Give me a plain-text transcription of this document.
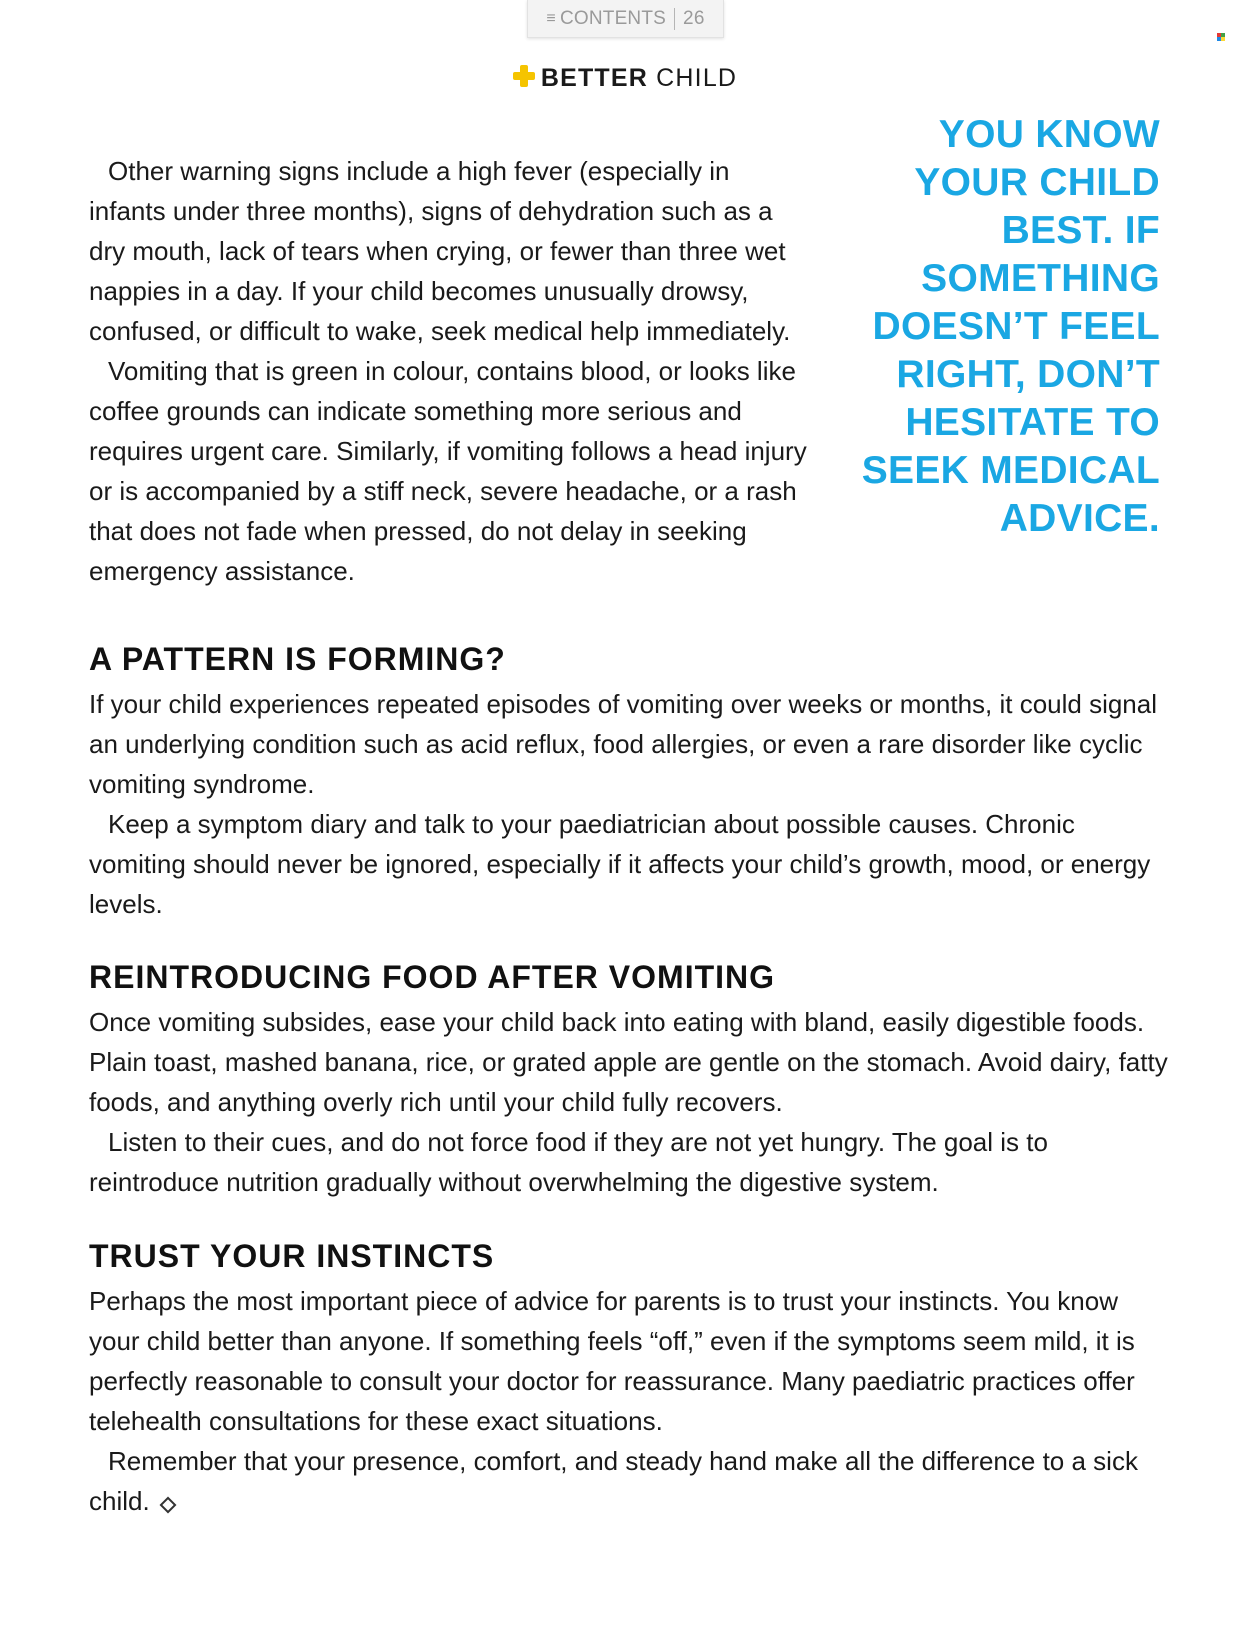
≡ CONTENTS 26
BETTER CHILD

Other warning signs include a high fever (especially in infants under three months), signs of dehydration such as a dry mouth, lack of tears when crying, or fewer than three wet nappies in a day. If your child becomes unusually drowsy, confused, or difficult to wake, seek medical help immediately.

Vomiting that is green in colour, contains blood, or looks like coffee grounds can indicate something more serious and requires urgent care. Similarly, if vomiting follows a head injury or is accompanied by a stiff neck, severe headache, or a rash that does not fade when pressed, do not delay in seeking emergency assistance.

YOU KNOW YOUR CHILD BEST. IF SOMETHING DOESN’T FEEL RIGHT, DON’T HESITATE TO SEEK MEDICAL ADVICE.
A PATTERN IS FORMING?

If your child experiences repeated episodes of vomiting over weeks or months, it could signal an underlying condition such as acid reflux, food allergies, or even a rare disorder like cyclic vomiting syndrome.

Keep a symptom diary and talk to your paediatrician about possible causes. Chronic vomiting should never be ignored, especially if it affects your child’s growth, mood, or energy levels.

REINTRODUCING FOOD AFTER VOMITING

Once vomiting subsides, ease your child back into eating with bland, easily digestible foods. Plain toast, mashed banana, rice, or grated apple are gentle on the stomach. Avoid dairy, fatty foods, and anything overly rich until your child fully recovers.

Listen to their cues, and do not force food if they are not yet hungry. The goal is to reintroduce nutrition gradually without overwhelming the digestive system.

TRUST YOUR INSTINCTS

Perhaps the most important piece of advice for parents is to trust your instincts. You know your child better than anyone. If something feels “off,” even if the symptoms seem mild, it is perfectly reasonable to consult your doctor for reassurance. Many paediatric practices offer telehealth consultations for these exact situations.

Remember that your presence, comfort, and steady hand make all the difference to a sick child.
